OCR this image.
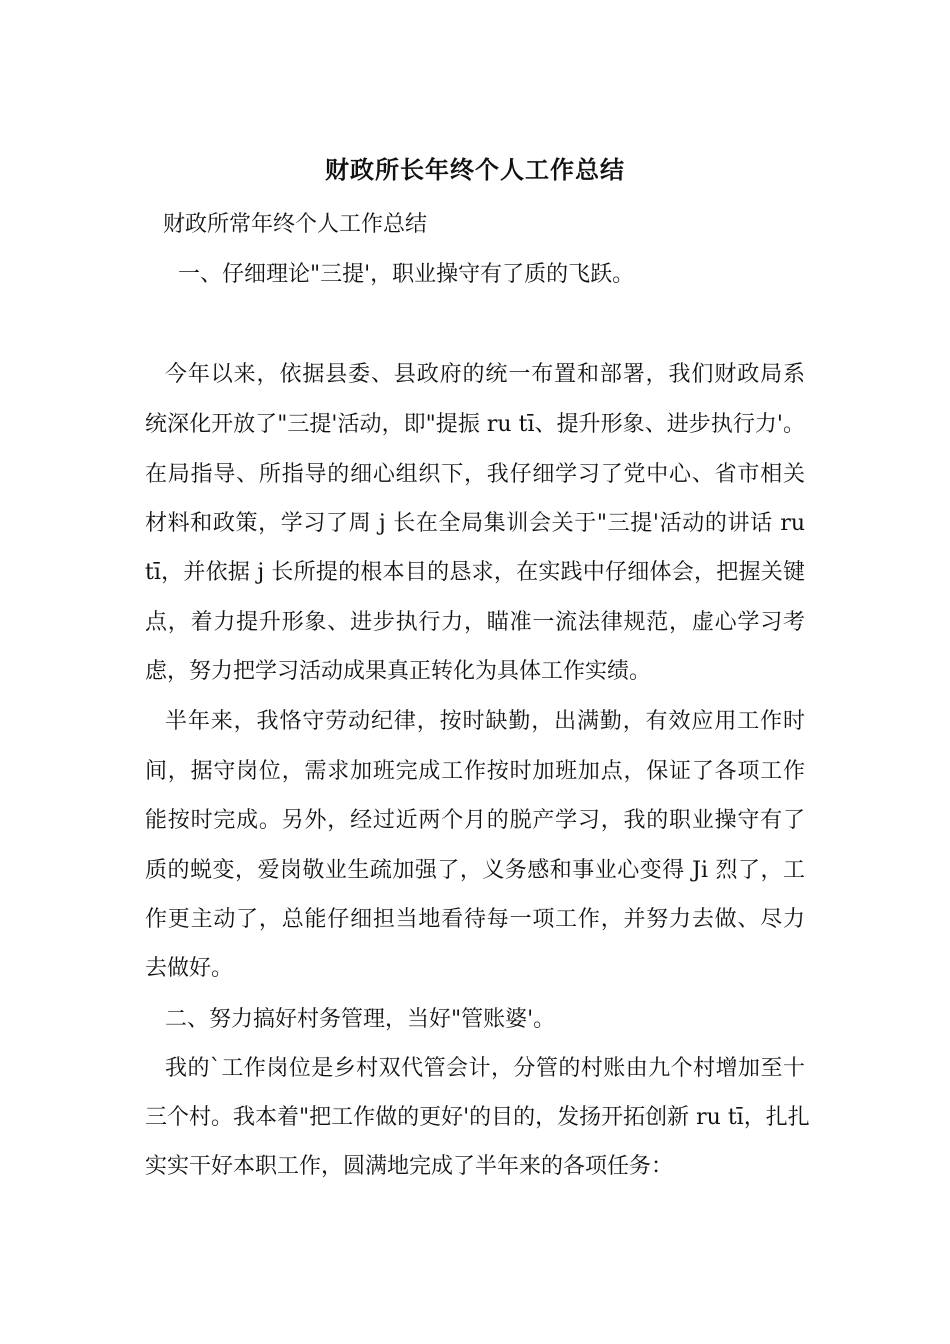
财政所长年终个人工作总结
财政所常年终个人工作总结
一、仔细理论"三提'，职业操守有了质的飞跃。
今年以来，依据县委、县政府的统一布置和部署，我们财政局系
统深化开放了"三提'活动，即"提振 ru tī、提升形象、进步执行力'。
在局指导、所指导的细心组织下，我仔细学习了党中心、省市相关
材料和政策，学习了周 j 长在全局集训会关于"三提'活动的讲话 ru
tī，并依据 j 长所提的根本目的恳求，在实践中仔细体会，把握关键
点，着力提升形象、进步执行力，瞄准一流法律规范，虚心学习考
虑，努力把学习活动成果真正转化为具体工作实绩。
半年来，我恪守劳动纪律，按时缺勤，出满勤，有效应用工作时
间，据守岗位，需求加班完成工作按时加班加点，保证了各项工作
能按时完成。另外，经过近两个月的脱产学习，我的职业操守有了
质的蜕变，爱岗敬业生疏加强了，义务感和事业心变得 Ji 烈了，工
作更主动了，总能仔细担当地看待每一项工作，并努力去做、尽力
去做好。
二、努力搞好村务管理，当好"管账婆'。
我的`工作岗位是乡村双代管会计，分管的村账由九个村增加至十
三个村。我本着"把工作做的更好'的目的，发扬开拓创新 ru tī，扎扎
实实干好本职工作，圆满地完成了半年来的各项任务：
